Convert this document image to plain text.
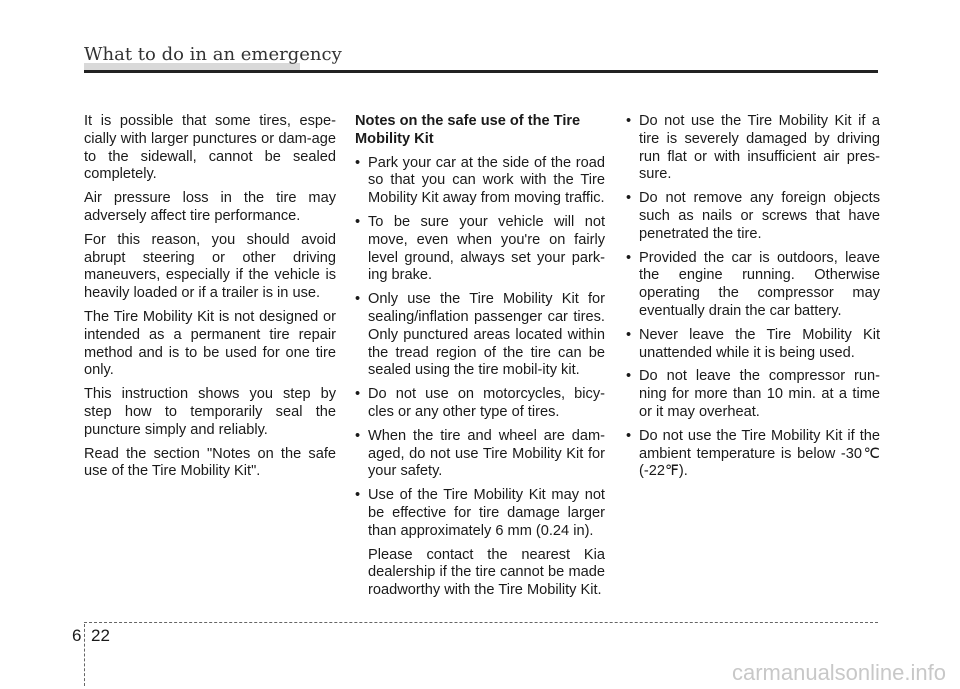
What to do in an emergency

It is possible that some tires, espe-cially with larger punctures or dam-age to the sidewall, cannot be sealed completely.

Air pressure loss in the tire may adversely affect tire performance.

For this reason, you should avoid abrupt steering or other driving maneuvers, especially if the vehicle is heavily loaded or if a trailer is in use.

The Tire Mobility Kit is not designed or intended as a permanent tire repair method and is to be used for one tire only.

This instruction shows you step by step how to temporarily seal the puncture simply and reliably.

Read the section "Notes on the safe use of the Tire Mobility Kit".

Notes on the safe use of the Tire Mobility Kit

• Park your car at the side of the road so that you can work with the Tire Mobility Kit away from moving traffic.
• To be sure your vehicle will not move, even when you're on fairly level ground, always set your park-ing brake.
• Only use the Tire Mobility Kit for sealing/inflation passenger car tires. Only punctured areas located within the tread region of the tire can be sealed using the tire mobil-ity kit.
• Do not use on motorcycles, bicy-cles or any other type of tires.
• When the tire and wheel are dam-aged, do not use Tire Mobility Kit for your safety.
• Use of the Tire Mobility Kit may not be effective for tire damage larger than approximately 6 mm (0.24 in).

Please contact the nearest Kia dealership if the tire cannot be made roadworthy with the Tire Mobility Kit.

• Do not use the Tire Mobility Kit if a tire is severely damaged by driving run flat or with insufficient air pres-sure.
• Do not remove any foreign objects such as nails or screws that have penetrated the tire.
• Provided the car is outdoors, leave the engine running. Otherwise operating the compressor may eventually drain the car battery.
• Never leave the Tire Mobility Kit unattended while it is being used.
• Do not leave the compressor run-ning for more than 10 min. at a time or it may overheat.
• Do not use the Tire Mobility Kit if the ambient temperature is below -30℃ (-22℉).
6 22
carmanualsonline.info
